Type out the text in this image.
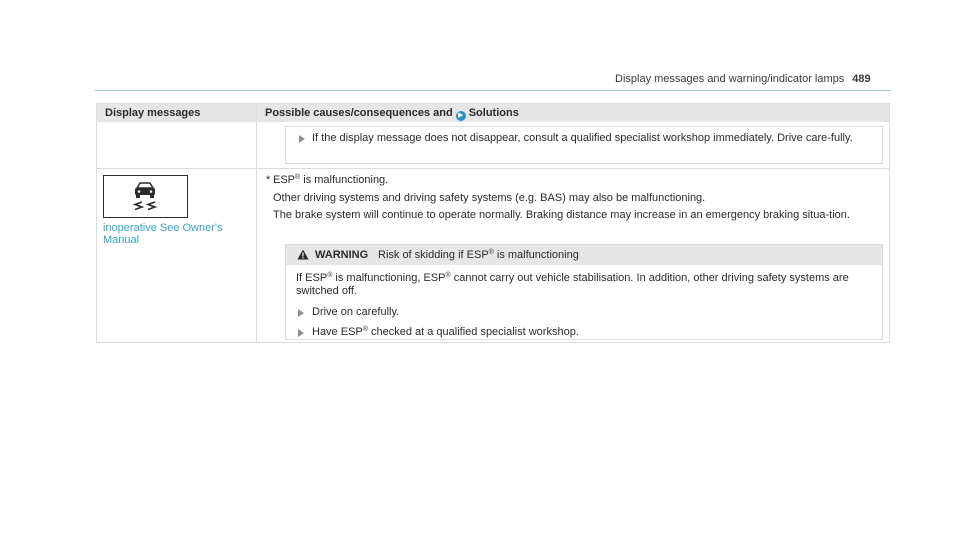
Display messages and warning/indicator lamps 489
Display messages	Possible causes/consequences and ▶ Solutions
If the display message does not disappear, consult a qualified specialist workshop immediately. Drive care-fully.
inoperative See Owner's Manual
* ESP® is malfunctioning.
Other driving systems and driving safety systems (e.g. BAS) may also be malfunctioning.
The brake system will continue to operate normally. Braking distance may increase in an emergency braking situa-tion.
WARNING Risk of skidding if ESP® is malfunctioning
If ESP® is malfunctioning, ESP® cannot carry out vehicle stabilisation. In addition, other driving safety systems are switched off.
Drive on carefully.
Have ESP® checked at a qualified specialist workshop.
